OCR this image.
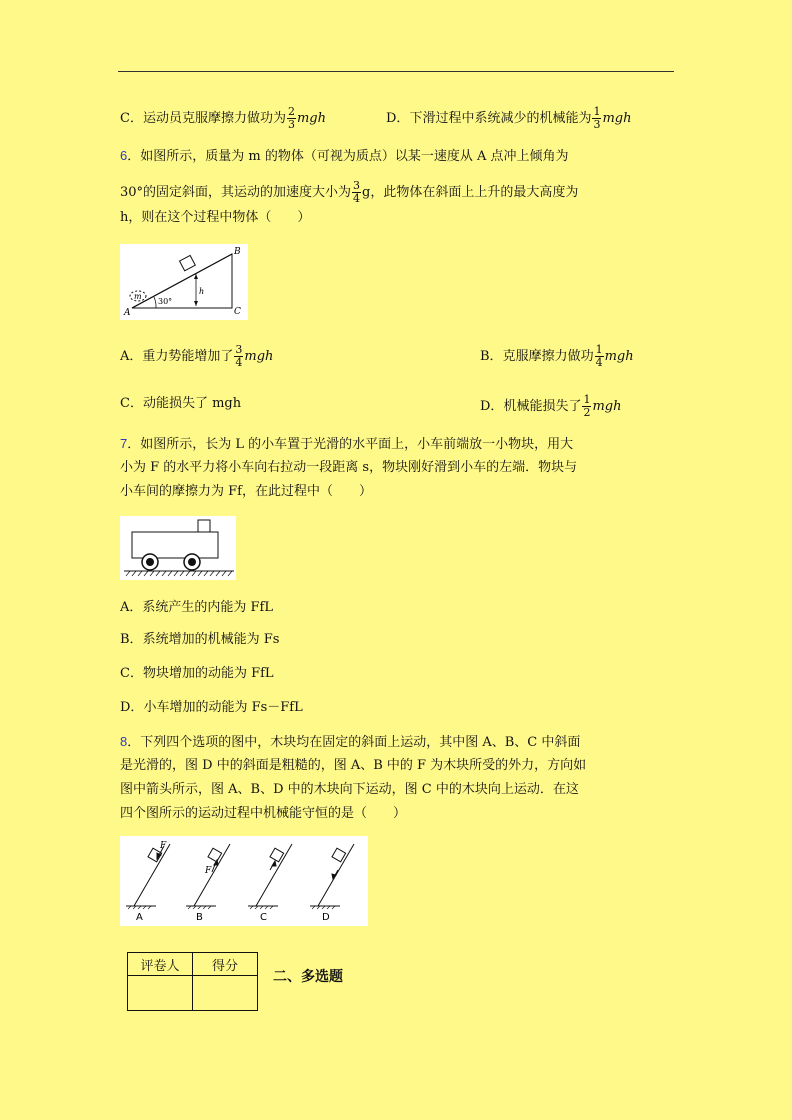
C．运动员克服摩擦力做功为 $\frac{2}{3}$ mgh	D．下滑过程中系统减少的机械能为 $\frac{1}{3}$ mgh
6．如图所示，质量为 m 的物体（可视为质点）以某一速度从 A 点冲上倾角为
30°的固定斜面，其运动的加速度大小为 $\frac{3}{4}$ g，此物体在斜面上上升的最大高度为
h，则在这个过程中物体（　　）
B
A	C
m
h
30°
A．重力势能增加了 $\frac{3}{4}$ mgh	B．克服摩擦力做功 $\frac{1}{4}$ mgh
C．动能损失了 mgh	D．机械能损失了 $\frac{1}{2}$ mgh
7．如图所示，长为 L 的小车置于光滑的水平面上，小车前端放一小物块，用大
小为 F 的水平力将小车向右拉动一段距离 s，物块刚好滑到小车的左端．物块与
小车间的摩擦力为 Ff，在此过程中（　　）
A．系统产生的内能为 FfL
B．系统增加的机械能为 Fs
C．物块增加的动能为 FfL
D．小车增加的动能为 Fs－FfL
8．下列四个选项的图中，木块均在固定的斜面上运动，其中图 A、B、C 中斜面
是光滑的，图 D 中的斜面是粗糙的，图 A、B 中的 F 为木块所受的外力，方向如
图中箭头所示，图 A、B、D 中的木块向下运动，图 C 中的木块向上运动．在这
四个图所示的运动过程中机械能守恒的是（　　）
F
F
A	B	C	D
评卷人	得分

二、多选题
